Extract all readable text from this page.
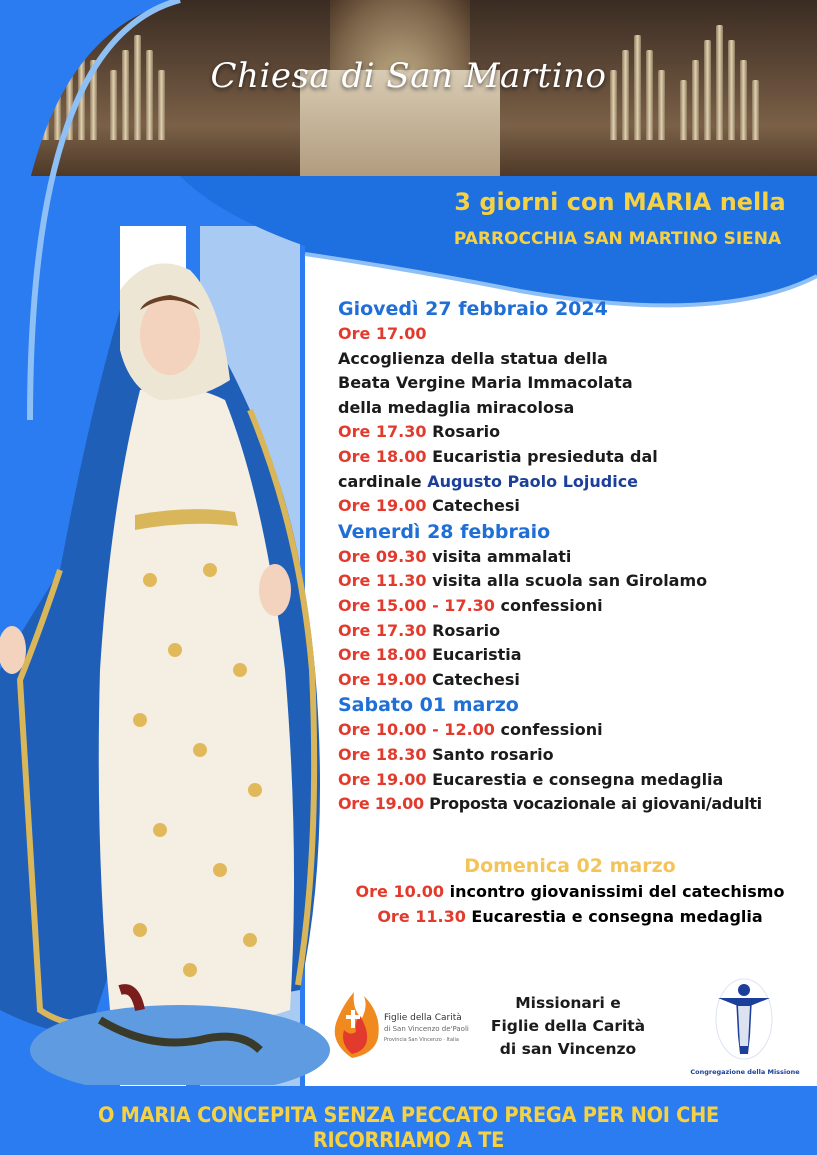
Chiesa di San Martino
3 giorni con MARIA nella
PARROCCHIA SAN MARTINO SIENA
Giovedì 27 febbraio 2024
Ore 17.00
Accoglienza della statua della
Beata Vergine Maria Immacolata
della medaglia miracolosa
Ore 17.30 Rosario
Ore 18.00 Eucaristia presieduta dal
cardinale Augusto Paolo Lojudice
Ore 19.00 Catechesi
Venerdì 28 febbraio
Ore 09.30 visita ammalati
Ore 11.30 visita alla scuola san Girolamo
Ore 15.00 - 17.30 confessioni
Ore 17.30 Rosario
Ore 18.00 Eucaristia
Ore 19.00 Catechesi
Sabato 01 marzo
Ore 10.00 - 12.00 confessioni
Ore 18.30 Santo rosario
Ore 19.00 Eucarestia e consegna medaglia
Ore 19.00 Proposta vocazionale ai giovani/adulti
Domenica 02 marzo
Ore 10.00 incontro giovanissimi del catechismo
Ore 11.30 Eucarestia e consegna medaglia
Figlie della Carità
di San Vincenzo de'Paoli
Provincia San Vincenzo · Italia
Missionari e
Figlie della Carità
di san Vincenzo
Congregazione della Missione
O MARIA CONCEPITA SENZA PECCATO PREGA PER NOI CHE RICORRIAMO A TE
